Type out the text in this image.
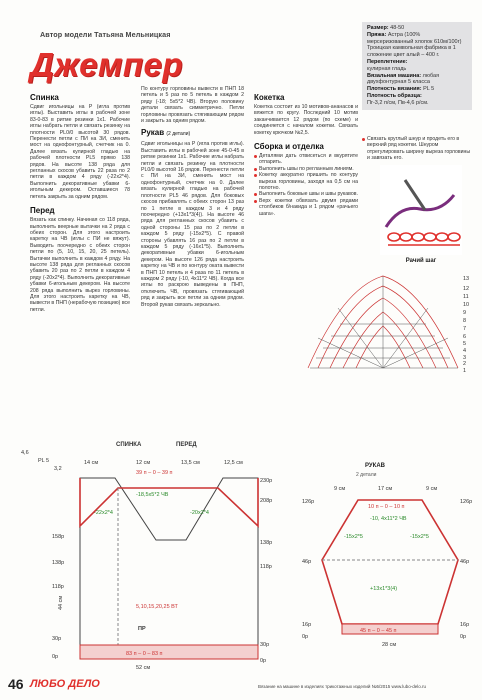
Автор модели Татьяна Мельницкая
Джемпер
Размер: 48-50
Пряжа: Астра (100% мерсеризованный хлопок 610м/100г) Троицкая камвольная фабрика в 1 сложение цвет алый – 400 г.
Переплетение:
кулирная гладь
Вязальная машина: любая двухфонтурная 5 класса
Плотность вязания: PL 5
Плотность образца:
Пг-3,2 п/см, Пв-4,6 р/см.
Спинка

Сдвиг игольницы на Р (игла против иглы). Выставить иглы в рабочей зоне 83-0-83 в ритме резинки 1х1. Рабочие иглы набрать петли и связать резинку на плотности PL0/0 высотой 30 рядов. Перенести петли с ПИ на ЗИ, сменить мост на однофонтурный, счетчик на 0. Далее вязать кулирной гладью на рабочей плотности PL5 прямо 138 рядов. На высоте 138 ряда для регланных скосов убавить 22 раза по 2 петли в каждом 4 ряду (-22х2*4). Выполнить декоративные убавки 6-игольным декером. Оставшиеся 78 петель закрыть за одним рядом.

Перед

Вязать как спинку. Начиная со 118 ряда, выполнить веерные вытачки на 2 ряда с обеих сторон. Для этого настроить каретку на ЧВ (иглы с ПИ не вяжут). Выводить поочередно с обеих сторон петли по (5, 10, 15, 20, 25 петель). Вытачки выполнить в каждом 4 ряду. На высоте 138 ряда для регланных скосов убавить 20 раз по 2 петли в каждом 4 ряду (-20х2*4). Выполнить декоративные убавки 6-игольным декером. На высоте 208 ряда выполнить вырез горловины. Для этого настроить каретку на ЧВ, вывести в ПНП (нерабочую позицию) все петли.

По контуру горловины вывести в ПНП 18 петель и 5 раз по 5 петель в каждом 2 ряду (-18; 5х5*2 ЧВ). Вторую половину детали связать симметрично. Петли горловины провязать стягивающим рядом и закрыть за одним рядом.

Рукав (2 детали)

Сдвиг игольницы на Р (игла против иглы). Выставить иглы в рабочей зоне 45-0-45 в ритме резинки 1х1. Рабочие иглы набрать петли и связать резинку на плотности PL0/0 высотой 16 рядов. Перенести петли с ПИ на ЗИ, сменить мост на однофонтурный, счетчик на 0. Далее вязать кулирной гладью на рабочей плотности PL5 46 рядов. Для боковых скосов прибавлять с обеих сторон 13 раз по 1 петле в каждом 3 и 4 ряду поочередно (+13х1*3(4)). На высоте 46 ряда для регланных скосов убавить с одной стороны 15 раз по 2 петли в каждом 5 ряду (-15х2*5). С правой стороны убавлять 16 раз по 2 петли в каждом 5 ряду (-16х1*5). Выполнить декоративные убавки 6-игольным декером. На высоте 126 ряда настроить каретку на ЧВ и по контуру оката вывести в ПНП 10 петель и 4 раза по 11 петель в каждом 2 ряду (-10, 4х11*2 ЧВ). Когда все иглы по раскрою выведены в ПНП, отключить ЧВ, провязать стягивающий ряд и закрыть все петли за одним рядом. Второй рукав связать зеркально.

Кокетка

Кокетка состоит из 10 мотивов-ананасов и вяжется по кругу. Последний 10 мотив заканчивается 12 рядом (по схеме) и соединяется с началом кокетки. Связать кокетку крючком №2,5.

Сборка и отделка
Деталями дать отвисеться и вкурятите отпарить.
Выполнить швы по регланным линиям.
Кокетку аккуратно пришить по контуру выреза горловины, заходя на 0,5 см на полотно.
Выполнить боковые швы и швы рукавов.
Верх кокетки обвязать двумя рядами столбиков б/накида и 1 рядом «рачьего шага».
Связать круглый шнур и продеть его в верхний ряд кокетки. Шнуром отрегулировать ширину выреза горловины и завязать его.
Рачий шаг
13
12
11
10
9
8
7
6
5
4
3
2
1
4,6
PL 5
3,2
СПИНКА	ПЕРЕД
14 см	12 см	13,5 см	12,5 см
39 п – 0 – 39 п
230р
208р
138р
118р
30р
0р
158р
138р
118р
30р
0р
-18,5х5*2 ЧВ
-22х2*4	-20х2*4
5,10,15,20,25 ВТ
ПР
83 п – 0 – 83 п
52 см
44 см
РУКАВ
2 детали
9 см	17 см	9 см
10 п – 0 – 10 п
-10, 4х11*2 ЧВ
-15х2*5	-15х2*5
+13х1*3(4)
45 п – 0 – 45 п
126р
46р
16р
0р
126р
46р
16р
0р
28 см
46 ЛЮБО ДЕЛО	Вязание на машине в изделиях трикотажных изделий №5/2015 www.lubo-delo.ru
